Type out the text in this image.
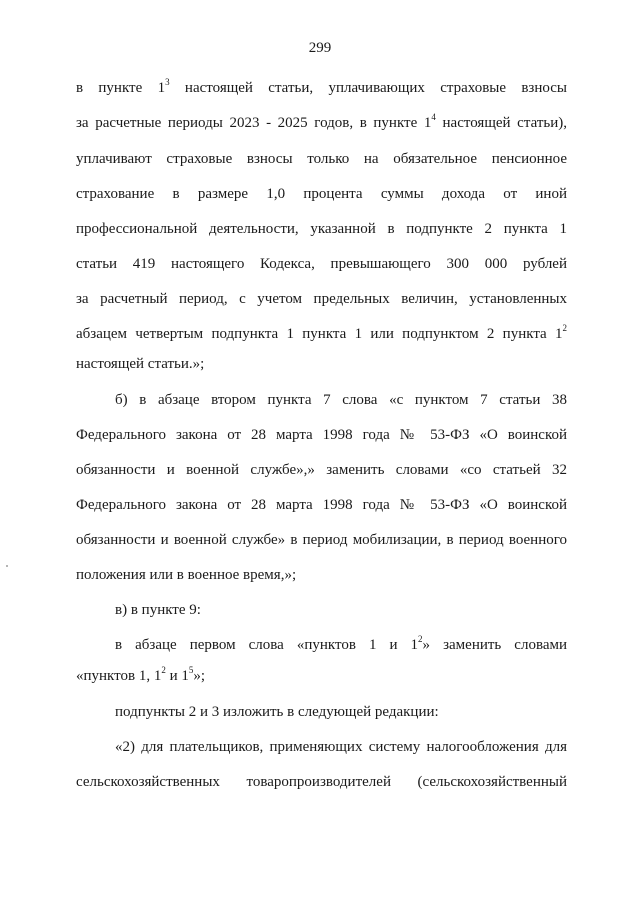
299
в пункте $1^3$ настоящей статьи, уплачивающих страховые взносы
за расчетные периоды 2023 - 2025 годов, в пункте $1^4$ настоящей статьи),
уплачивают страховые взносы только на обязательное пенсионное
страхование в размере 1,0 процента суммы дохода от иной
профессиональной деятельности, указанной в подпункте 2 пункта 1
статьи 419 настоящего Кодекса, превышающего 300 000 рублей
за расчетный период, с учетом предельных величин, установленных
абзацем четвертым подпункта 1 пункта 1 или подпунктом 2 пункта $1^2$
настоящей статьи.»;
б) в абзаце втором пункта 7 слова «с пунктом 7 статьи 38
Федерального закона от 28 марта 1998 года № 53-ФЗ «О воинской
обязанности и военной службе»,» заменить словами «со статьей 32
Федерального закона от 28 марта 1998 года № 53-ФЗ «О воинской
обязанности и военной службе» в период мобилизации, в период военного
положения или в военное время,»;
в) в пункте 9:
в абзаце первом слова «пунктов 1 и $1^2$» заменить словами
«пунктов 1, $1^2$ и $1^5$»;
подпункты 2 и 3 изложить в следующей редакции:
«2) для плательщиков, применяющих систему налогообложения для
сельскохозяйственных товаропроизводителей (сельскохозяйственный
